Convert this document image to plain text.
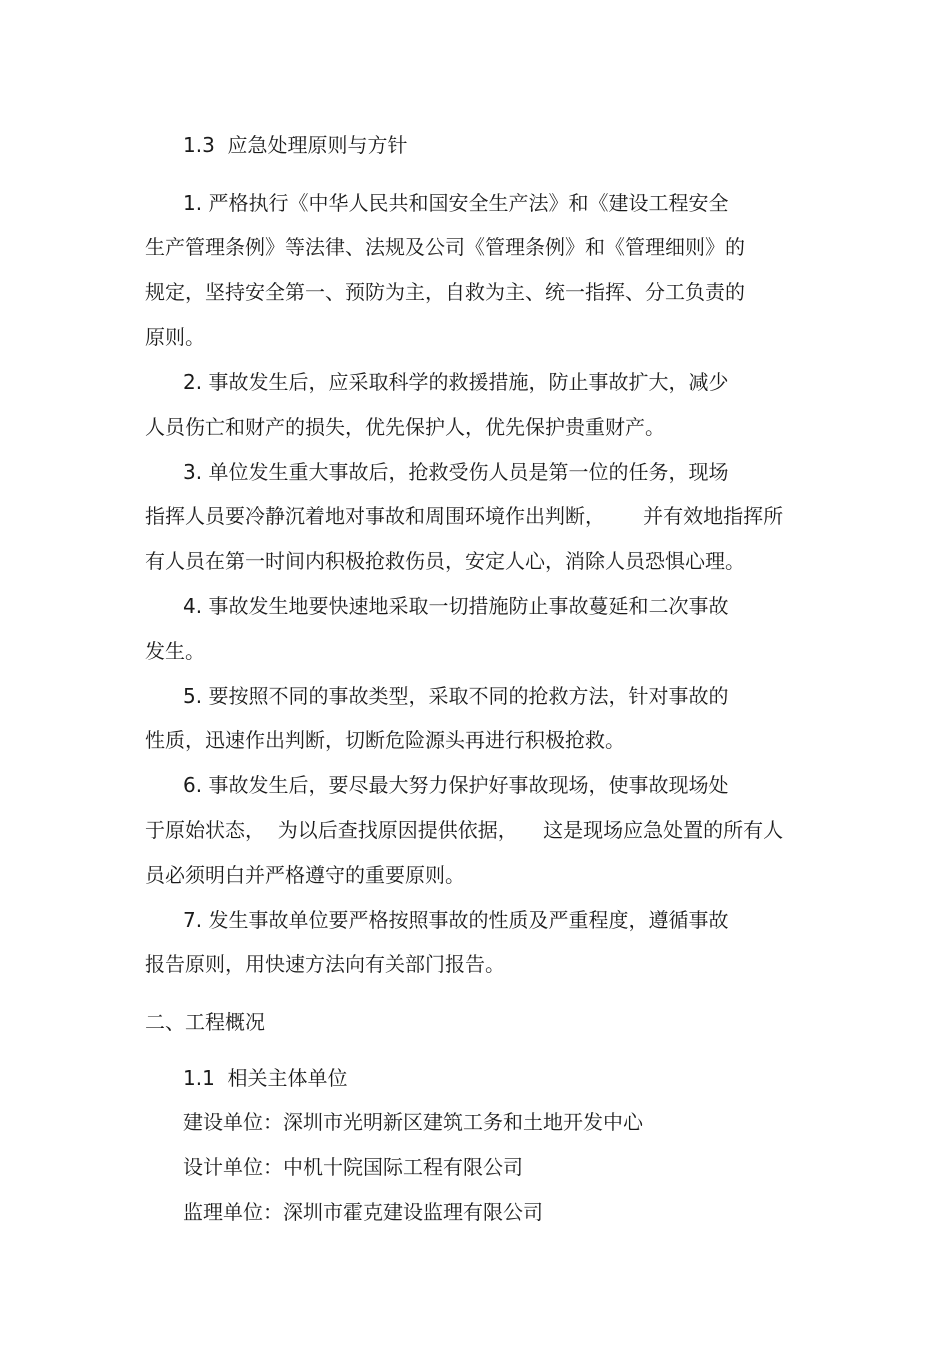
1.3  应急处理原则与方针

1. 严格执行《中华人民共和国安全生产法》和《建设工程安全

生产管理条例》等法律、法规及公司《管理条例》和《管理细则》的

规定，坚持安全第一、预防为主，自救为主、统一指挥、分工负责的

原则。

2. 事故发生后，应采取科学的救援措施，防止事故扩大，减少

人员伤亡和财产的损失，优先保护人，优先保护贵重财产。

3. 单位发生重大事故后，抢救受伤人员是第一位的任务，现场

指挥人员要冷静沉着地对事故和周围环境作出判断，      并有效地指挥所

有人员在第一时间内积极抢救伤员，安定人心，消除人员恐惧心理。

4. 事故发生地要快速地采取一切措施防止事故蔓延和二次事故

发生。

5. 要按照不同的事故类型，采取不同的抢救方法，针对事故的

性质，迅速作出判断，切断危险源头再进行积极抢救。

6. 事故发生后，要尽最大努力保护好事故现场，使事故现场处

于原始状态，  为以后查找原因提供依据，    这是现场应急处置的所有人

员必须明白并严格遵守的重要原则。

7. 发生事故单位要严格按照事故的性质及严重程度，遵循事故

报告原则，用快速方法向有关部门报告。

二、工程概况

1.1  相关主体单位

建设单位：深圳市光明新区建筑工务和土地开发中心

设计单位：中机十院国际工程有限公司

监理单位：深圳市霍克建设监理有限公司
